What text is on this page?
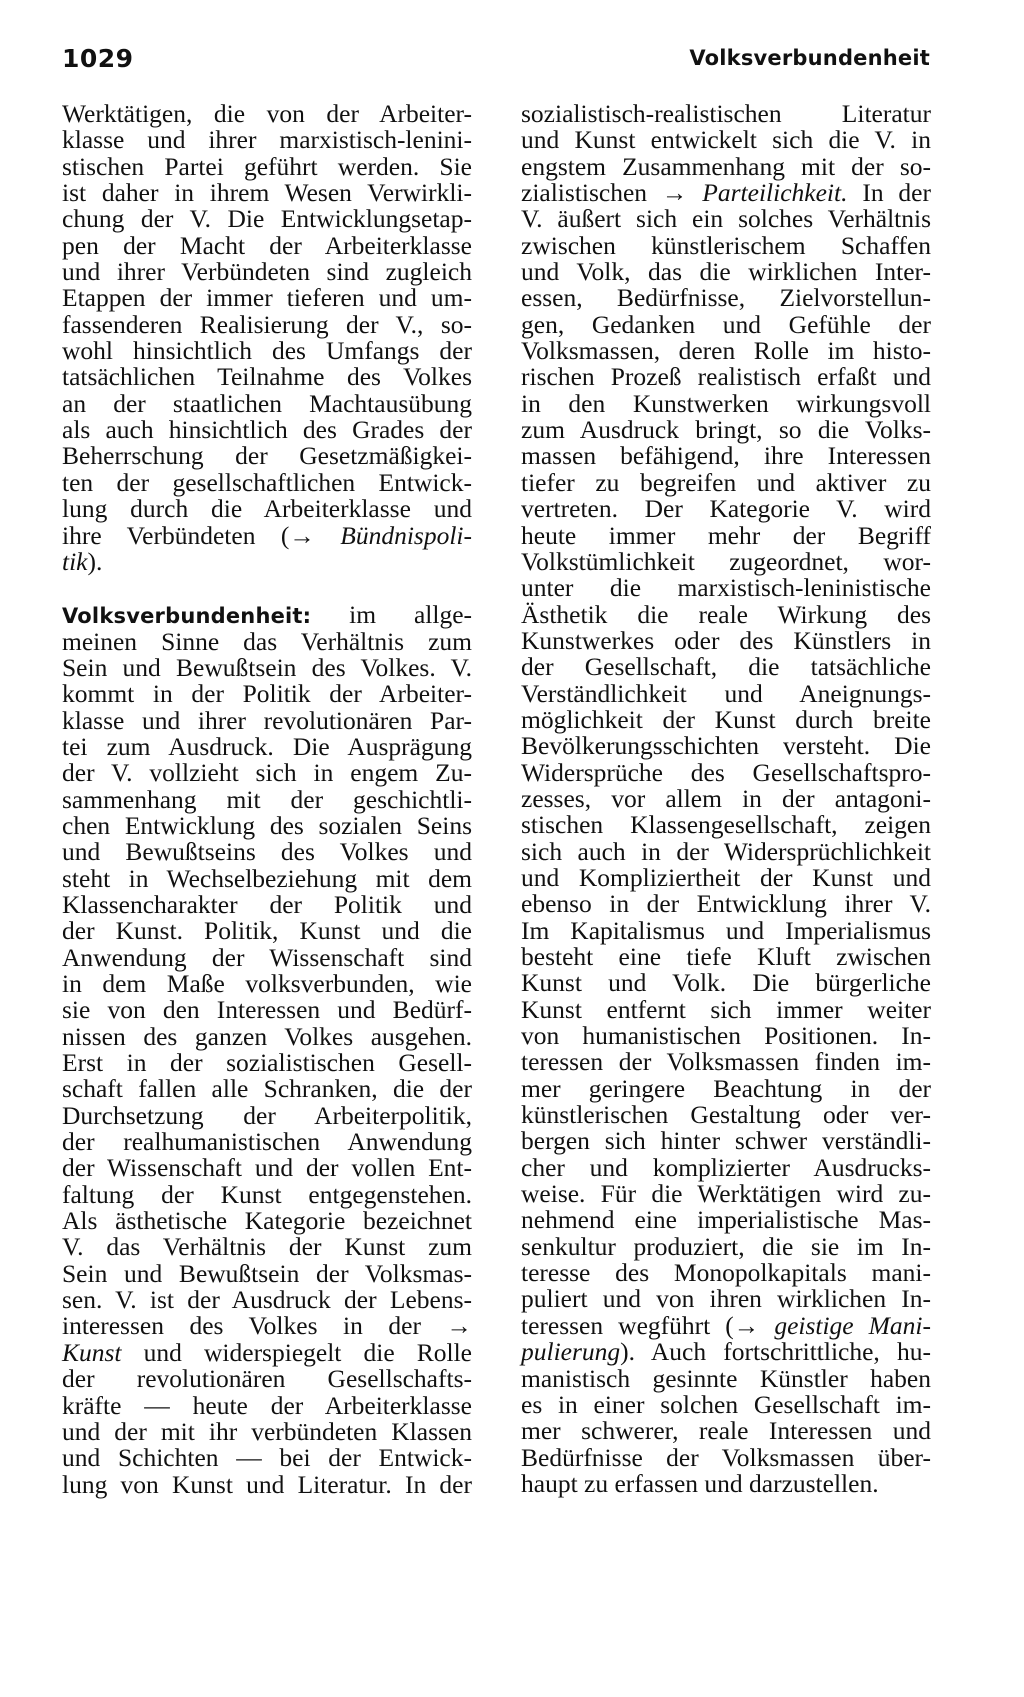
1029	Volksverbundenheit
Werktätigen, die von der Arbeiter-
klasse und ihrer marxistisch-lenini-
stischen Partei geführt werden. Sie
ist daher in ihrem Wesen Verwirkli-
chung der V. Die Entwicklungsetap-
pen der Macht der Arbeiterklasse
und ihrer Verbündeten sind zugleich
Etappen der immer tieferen und um-
fassenderen Realisierung der V., so-
wohl hinsichtlich des Umfangs der
tatsächlichen Teilnahme des Volkes
an der staatlichen Machtausübung
als auch hinsichtlich des Grades der
Beherrschung der Gesetzmäßigkei-
ten der gesellschaftlichen Entwick-
lung durch die Arbeiterklasse und
ihre Verbündeten (→ Bündnispoli-
tik).
Volksverbundenheit: im allge-
meinen Sinne das Verhältnis zum
Sein und Bewußtsein des Volkes. V.
kommt in der Politik der Arbeiter-
klasse und ihrer revolutionären Par-
tei zum Ausdruck. Die Ausprägung
der V. vollzieht sich in engem Zu-
sammenhang mit der geschichtli-
chen Entwicklung des sozialen Seins
und Bewußtseins des Volkes und
steht in Wechselbeziehung mit dem
Klassencharakter der Politik und
der Kunst. Politik, Kunst und die
Anwendung der Wissenschaft sind
in dem Maße volksverbunden, wie
sie von den Interessen und Bedürf-
nissen des ganzen Volkes ausgehen.
Erst in der sozialistischen Gesell-
schaft fallen alle Schranken, die der
Durchsetzung der Arbeiterpolitik,
der realhumanistischen Anwendung
der Wissenschaft und der vollen Ent-
faltung der Kunst entgegenstehen.
Als ästhetische Kategorie bezeichnet
V. das Verhältnis der Kunst zum
Sein und Bewußtsein der Volksmas-
sen. V. ist der Ausdruck der Lebens-
interessen des Volkes in der →
Kunst und widerspiegelt die Rolle
der revolutionären Gesellschafts-
kräfte — heute der Arbeiterklasse
und der mit ihr verbündeten Klassen
und Schichten — bei der Entwick-
lung von Kunst und Literatur. In der
sozialistisch-realistischen Literatur
und Kunst entwickelt sich die V. in
engstem Zusammenhang mit der so-
zialistischen → Parteilichkeit. In der
V. äußert sich ein solches Verhältnis
zwischen künstlerischem Schaffen
und Volk, das die wirklichen Inter-
essen, Bedürfnisse, Zielvorstellun-
gen, Gedanken und Gefühle der
Volksmassen, deren Rolle im histo-
rischen Prozeß realistisch erfaßt und
in den Kunstwerken wirkungsvoll
zum Ausdruck bringt, so die Volks-
massen befähigend, ihre Interessen
tiefer zu begreifen und aktiver zu
vertreten. Der Kategorie V. wird
heute immer mehr der Begriff
Volkstümlichkeit zugeordnet, wor-
unter die marxistisch-leninistische
Ästhetik die reale Wirkung des
Kunstwerkes oder des Künstlers in
der Gesellschaft, die tatsächliche
Verständlichkeit und Aneignungs-
möglichkeit der Kunst durch breite
Bevölkerungsschichten versteht. Die
Widersprüche des Gesellschaftspro-
zesses, vor allem in der antagoni-
stischen Klassengesellschaft, zeigen
sich auch in der Widersprüchlichkeit
und Kompliziertheit der Kunst und
ebenso in der Entwicklung ihrer V.
Im Kapitalismus und Imperialismus
besteht eine tiefe Kluft zwischen
Kunst und Volk. Die bürgerliche
Kunst entfernt sich immer weiter
von humanistischen Positionen. In-
teressen der Volksmassen finden im-
mer geringere Beachtung in der
künstlerischen Gestaltung oder ver-
bergen sich hinter schwer verständli-
cher und komplizierter Ausdrucks-
weise. Für die Werktätigen wird zu-
nehmend eine imperialistische Mas-
senkultur produziert, die sie im In-
teresse des Monopolkapitals mani-
puliert und von ihren wirklichen In-
teressen wegführt (→ geistige Mani-
pulierung). Auch fortschrittliche, hu-
manistisch gesinnte Künstler haben
es in einer solchen Gesellschaft im-
mer schwerer, reale Interessen und
Bedürfnisse der Volksmassen über-
haupt zu erfassen und darzustellen.
